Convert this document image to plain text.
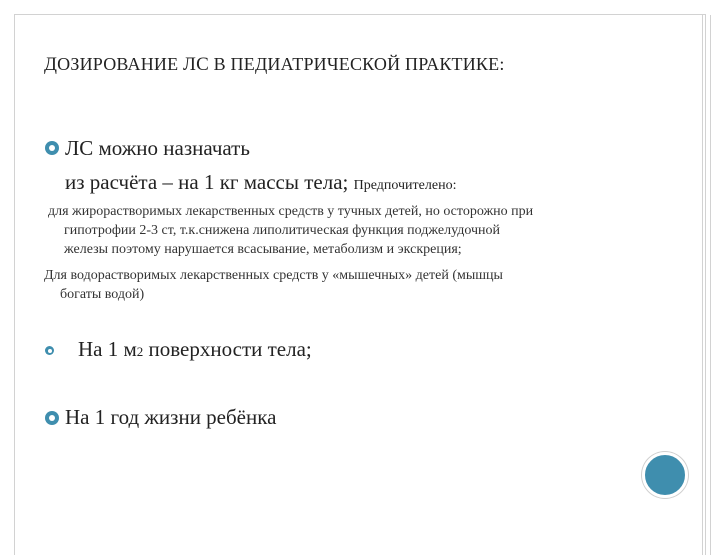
ДОЗИРОВАНИЕ ЛС В ПЕДИАТРИЧЕСКОЙ ПРАКТИКЕ:
ЛС можно назначать
из расчёта – на 1 кг массы тела; Предпочителено:
для жирорастворимых лекарственных средств у тучных детей, но осторожно при
гипотрофии 2-3 ст, т.к.снижена липолитическая функция поджелудочной
железы поэтому нарушается всасывание, метаболизм и экскреция;
Для водорастворимых лекарственных средств у «мышечных» детей (мышцы
богаты водой)
На 1 м2 поверхности тела;
На 1 год жизни ребёнка
